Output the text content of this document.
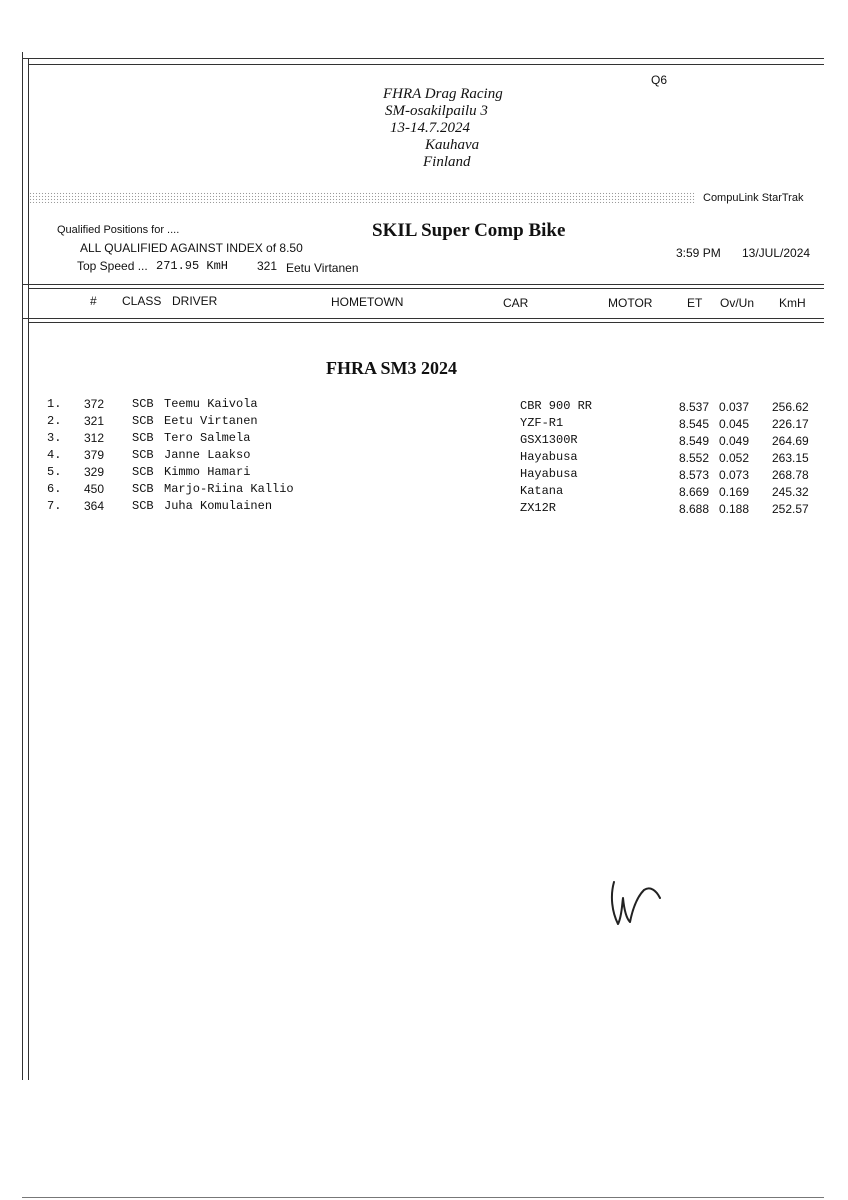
Q6
FHRA Drag Racing
SM-osakilpailu 3
13-14.7.2024
Kauhava
Finland
CompuLink StarTrak
Qualified Positions for ....
ALL QUALIFIED AGAINST INDEX of 8.50
Top Speed ... 271.95 KmH 321 Eetu Virtanen
SKIL Super Comp Bike
3:59 PM 13/JUL/2024
# CLASS DRIVER	HOMETOWN	CAR	MOTOR	ET Ov/Un KmH
FHRA SM3 2024
1. 372 SCB Teemu Kaivola	CBR 900 RR	8.537 0.037 256.62
2. 321 SCB Eetu Virtanen	YZF-R1	8.545 0.045 226.17
3. 312 SCB Tero Salmela	GSX1300R	8.549 0.049 264.69
4. 379 SCB Janne Laakso	Hayabusa	8.552 0.052 263.15
5. 329 SCB Kimmo Hamari	Hayabusa	8.573 0.073 268.78
6. 450 SCB Marjo-Riina Kallio	Katana	8.669 0.169 245.32
7. 364 SCB Juha Komulainen	ZX12R	8.688 0.188 252.57
